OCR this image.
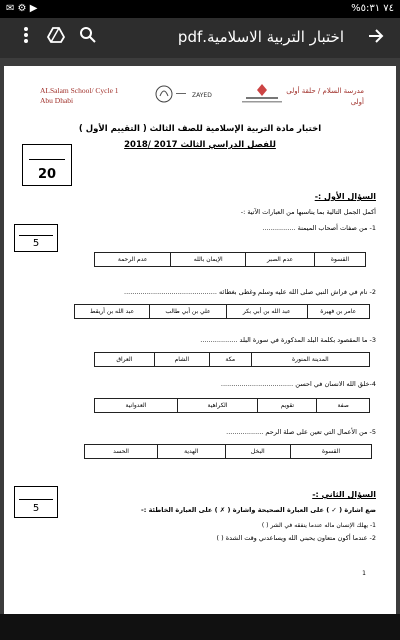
✉ ⚙ ▶	%٧٤ ٥:٣١
اختبار التربية الاسلامية.pdf
ALSalam School/ Cycle 1
Abu Dhabi
ZAYED
مدرسة السلام / حلقة أولى
أولى
اختبار مادة التربية الإسلامية للصف الثالث ( التقييم الأول )
للفصل الدراسي الثالث 2017 /2018
20
السؤال الأول :-
أكمل الجمل التالية بما يناسبها من العبارات الآتية :-
5
1- من صفات أصحاب الميمنة ................
القسوة	عدم الصبر	الإيمان بالله	عدم الرحمة
2- نام في فراش النبي صلى الله عليه وسلم وغطى بغطائه .............................................
عامر بن فهيرة	عبد الله بن أبي بكر	علي بن أبي طالب	عبد الله بن أريقط
3- ما المقصود بكلمة البلد المذكورة في سورة البلد ..................
المدينة المنورة	مكة	الشام	العراق
4-خلق الله الانسان في احسن ...................................
صفة	تقويم	الكراهية	العدوانية
5- من الأعمال التي تعين على صلة الرحم ..................
القسوة	البخل	الهدية	الحسد
السؤال الثاني :-
5	ضع اشارة ( ✓ ) على العبارة الصحيحة واشارة ( ✗ ) على العبارة الخاطئة :-
1- يهلك الإنسان ماله عندما ينفقه في الشر ( )
2- عندما أكون متعاون يحبني الله ويساعدني وقت الشدة ( )
1
